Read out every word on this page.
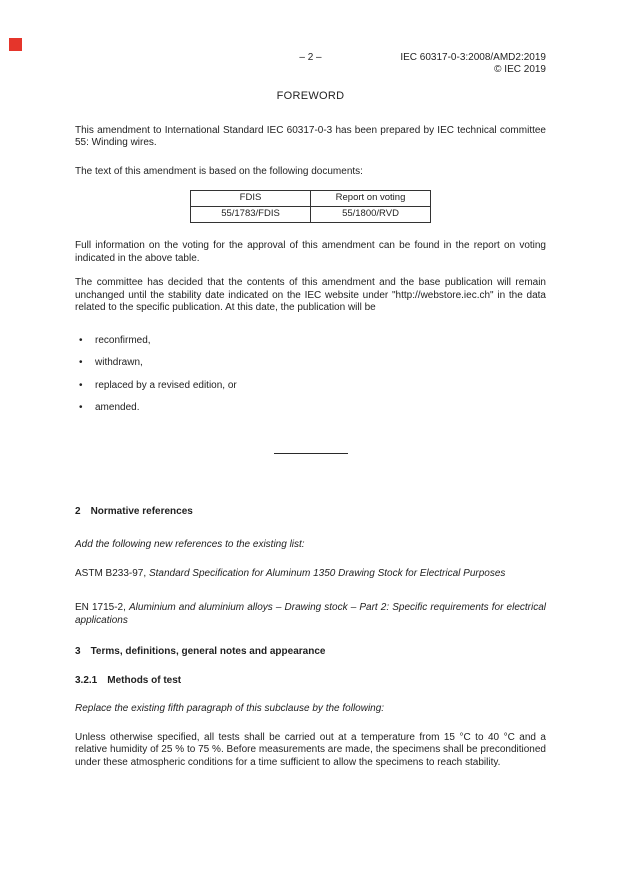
– 2 –	IEC 60317-0-3:2008/AMD2:2019
© IEC 2019
FOREWORD

This amendment to International Standard IEC 60317-0-3 has been prepared by IEC technical committee 55: Winding wires.

The text of this amendment is based on the following documents:

FDIS	Report on voting
55/1783/FDIS	55/1800/RVD

Full information on the voting for the approval of this amendment can be found in the report on voting indicated in the above table.

The committee has decided that the contents of this amendment and the base publication will remain unchanged until the stability date indicated on the IEC website under "http://webstore.iec.ch" in the data related to the specific publication. At this date, the publication will be

reconfirmed,
withdrawn,
replaced by a revised edition, or
amended.
2 Normative references

Add the following new references to the existing list:

ASTM B233-97, Standard Specification for Aluminum 1350 Drawing Stock for Electrical Purposes

EN 1715-2, Aluminium and aluminium alloys – Drawing stock – Part 2: Specific requirements for electrical applications

3 Terms, definitions, general notes and appearance
3.2.1 Methods of test

Replace the existing fifth paragraph of this subclause by the following:

Unless otherwise specified, all tests shall be carried out at a temperature from 15 °C to 40 °C and a relative humidity of 25 % to 75 %. Before measurements are made, the specimens shall be preconditioned under these atmospheric conditions for a time sufficient to allow the specimens to reach stability.
